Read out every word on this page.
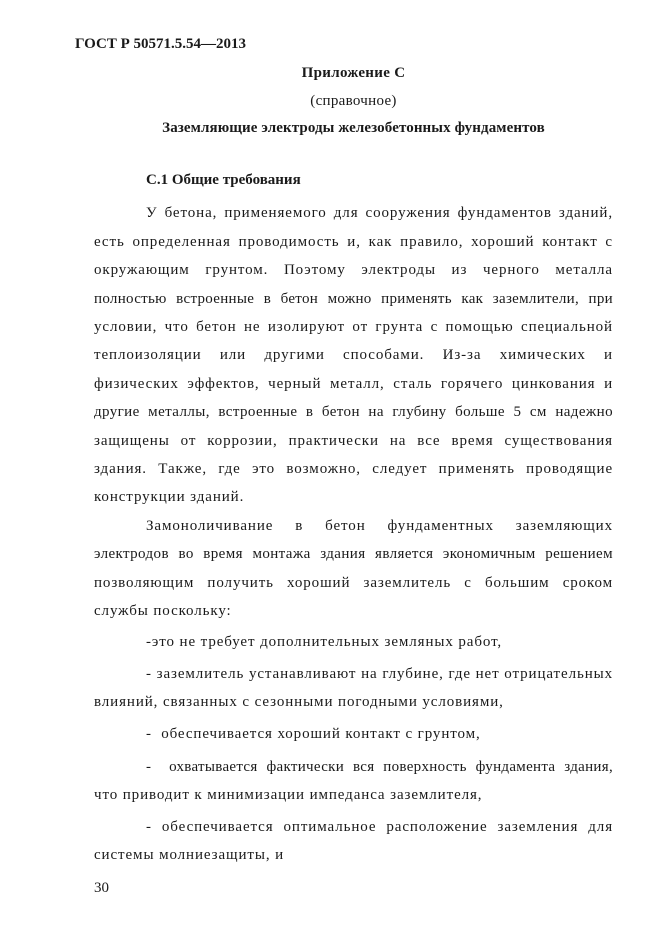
ГОСТ Р 50571.5.54—2013
Приложение С
(справочное)
Заземляющие электроды железобетонных фундаментов
С.1 Общие требования
У бетона, применяемого для сооружения фундаментов зданий,
есть определенная проводимость и, как правило, хороший контакт с
окружающим грунтом. Поэтому электроды из черного металла
полностью встроенные в бетон можно применять как заземлители, при
условии, что бетон не изолируют от грунта с помощью специальной
теплоизоляции или другими способами. Из-за химических и
физических эффектов, черный металл, сталь горячего цинкования и
другие металлы, встроенные в бетон на глубину больше 5 см надежно
защищены от коррозии, практически на все время существования
здания. Также, где это возможно, следует применять проводящие
конструкции зданий.
Замоноличивание в бетон фундаментных заземляющих
электродов во время монтажа здания является экономичным решением
позволяющим получить хороший заземлитель с большим сроком
службы поскольку:
-это не требует дополнительных земляных работ,
- заземлитель устанавливают на глубине, где нет отрицательных
влияний, связанных с сезонными погодными условиями,
-  обеспечивается хороший контакт с грунтом,
-  охватывается фактически вся поверхность фундамента здания,
что приводит к минимизации импеданса заземлителя,
- обеспечивается оптимальное расположение заземления для
системы молниезащиты, и
30
